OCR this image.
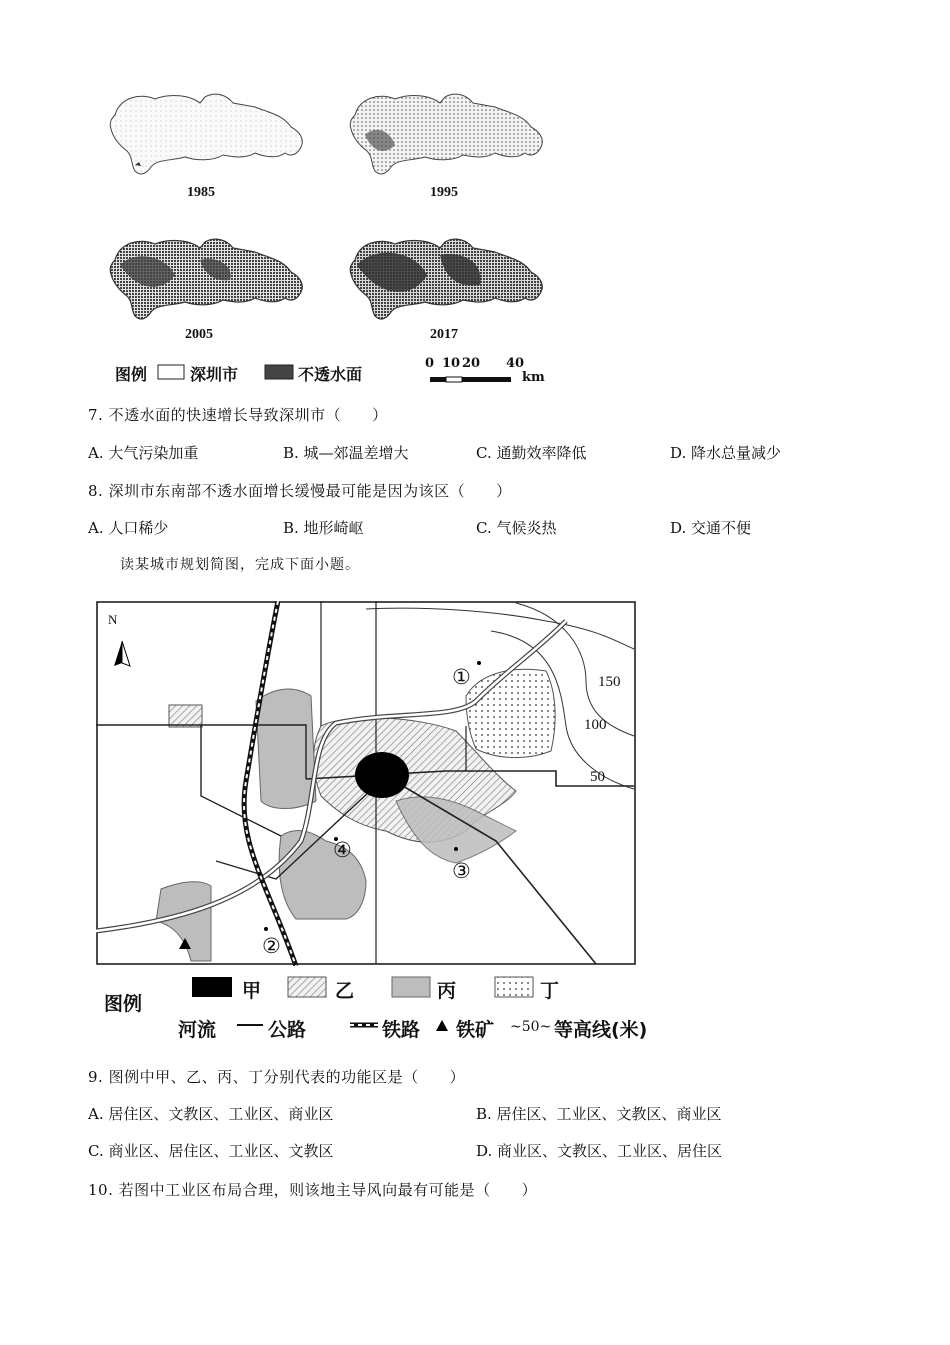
1985	1995
2005	2017
图例	深圳市	不透水面
0 10 20 40
km
7. 不透水面的快速增长导致深圳市（　　）
A. 大气污染加重	B. 城—郊温差增大	C. 通勤效率降低	D. 降水总量减少
8. 深圳市东南部不透水面增长缓慢最可能是因为该区（　　）
A. 人口稀少	B. 地形崎岖	C. 气候炎热	D. 交通不便
读某城市规划简图，完成下面小题。
N
150
100
50
①
②
③
④
图例
甲	乙	丙	丁
河流	公路	铁路 铁矿 ~50~ 等高线(米)
9. 图例中甲、乙、丙、丁分别代表的功能区是（　　）
A. 居住区、文教区、工业区、商业区	B. 居住区、工业区、文教区、商业区
C. 商业区、居住区、工业区、文教区	D. 商业区、文教区、工业区、居住区
10. 若图中工业区布局合理，则该地主导风向最有可能是（　　）
